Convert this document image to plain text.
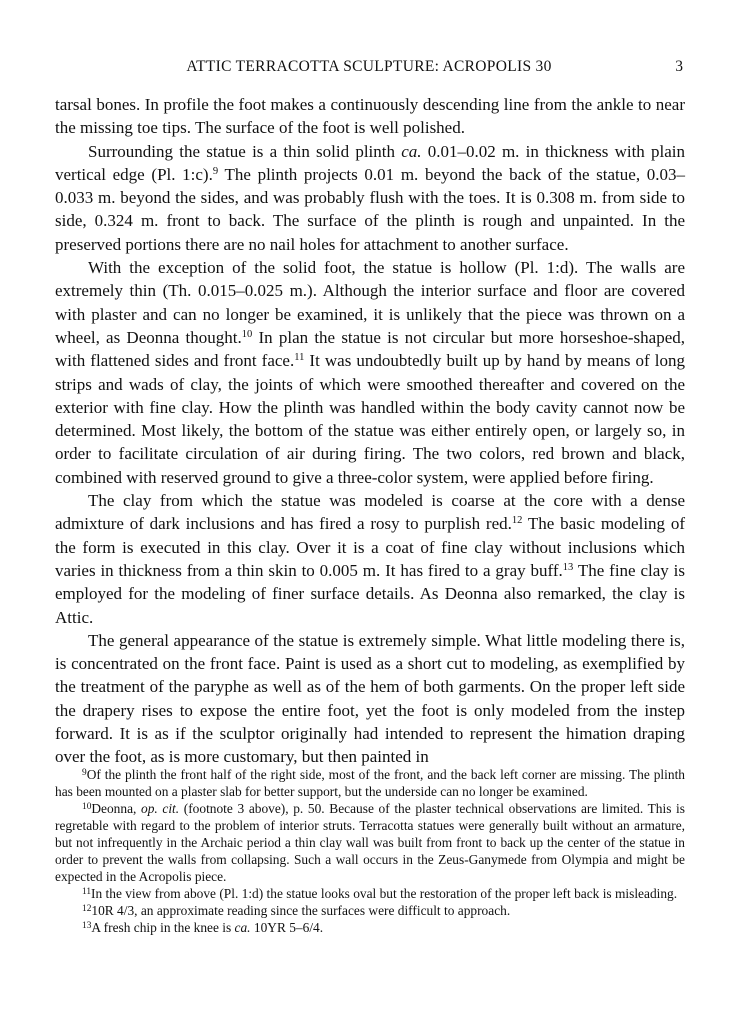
ATTIC TERRACOTTA SCULPTURE: ACROPOLIS 30	3

tarsal bones. In profile the foot makes a continuously descending line from the ankle to near the missing toe tips. The surface of the foot is well polished.

Surrounding the statue is a thin solid plinth ca. 0.01–0.02 m. in thickness with plain vertical edge (Pl. 1:c).$^9$ The plinth projects 0.01 m. beyond the back of the statue, 0.03–0.033 m. beyond the sides, and was probably flush with the toes. It is 0.308 m. from side to side, 0.324 m. front to back. The surface of the plinth is rough and unpainted. In the preserved portions there are no nail holes for attachment to another surface.

With the exception of the solid foot, the statue is hollow (Pl. 1:d). The walls are extremely thin (Th. 0.015–0.025 m.). Although the interior surface and floor are covered with plaster and can no longer be examined, it is unlikely that the piece was thrown on a wheel, as Deonna thought.$^{10}$ In plan the statue is not circular but more horseshoe-shaped, with flattened sides and front face.$^{11}$ It was undoubtedly built up by hand by means of long strips and wads of clay, the joints of which were smoothed thereafter and covered on the exterior with fine clay. How the plinth was handled within the body cavity cannot now be determined. Most likely, the bottom of the statue was either entirely open, or largely so, in order to facilitate circulation of air during firing. The two colors, red brown and black, combined with reserved ground to give a three-color system, were applied before firing.

The clay from which the statue was modeled is coarse at the core with a dense admixture of dark inclusions and has fired a rosy to purplish red.$^{12}$ The basic modeling of the form is executed in this clay. Over it is a coat of fine clay without inclusions which varies in thickness from a thin skin to 0.005 m. It has fired to a gray buff.$^{13}$ The fine clay is employed for the modeling of finer surface details. As Deonna also remarked, the clay is Attic.

The general appearance of the statue is extremely simple. What little modeling there is, is concentrated on the front face. Paint is used as a short cut to modeling, as exemplified by the treatment of the paryphe as well as of the hem of both garments. On the proper left side the drapery rises to expose the entire foot, yet the foot is only modeled from the instep forward. It is as if the sculptor originally had intended to represent the himation draping over the foot, as is more customary, but then painted in

$^9$Of the plinth the front half of the right side, most of the front, and the back left corner are missing. The plinth has been mounted on a plaster slab for better support, but the underside can no longer be examined.

$^{10}$Deonna, op. cit. (footnote 3 above), p. 50. Because of the plaster technical observations are limited. This is regretable with regard to the problem of interior struts. Terracotta statues were generally built without an armature, but not infrequently in the Archaic period a thin clay wall was built from front to back up the center of the statue in order to prevent the walls from collapsing. Such a wall occurs in the Zeus-Ganymede from Olympia and might be expected in the Acropolis piece.

$^{11}$In the view from above (Pl. 1:d) the statue looks oval but the restoration of the proper left back is misleading.

$^{12}$10R 4/3, an approximate reading since the surfaces were difficult to approach.

$^{13}$A fresh chip in the knee is ca. 10YR 5–6/4.
